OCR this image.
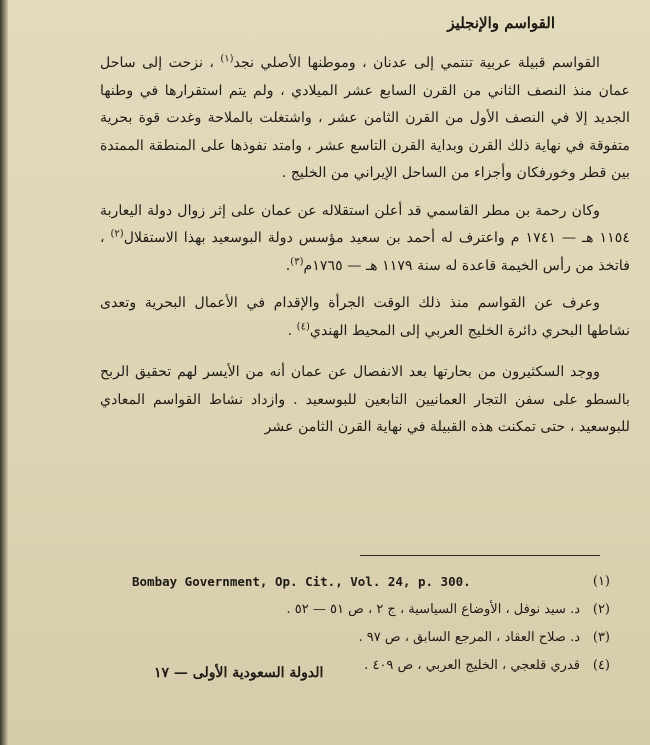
القواسم والإنجليز

القواسم قبيلة عربية تنتمي إلى عدنان ، وموطنها الأصلي نجد$^{(١)}$ ، نزحت إلى ساحل عمان منذ النصف الثاني من القرن السابع عشر الميلادي ، ولم يتم استقرارها في وطنها الجديد إلا في النصف الأول من القرن الثامن عشر ، واشتغلت بالملاحة وغدت قوة بحرية متفوقة في نهاية ذلك القرن وبداية القرن التاسع عشر ، وامتد نفوذها على المنطقة الممتدة بين قطر وخورفكان وأجزاء من الساحل الإيراني من الخليج .

وكان رحمة بن مطر القاسمي قد أعلن استقلاله عن عمان على إثر زوال دولة اليعاربة ١١٥٤ هـ — ١٧٤١ م واعترف له أحمد بن سعيد مؤسس دولة البوسعيد بهذا الاستقلال$^{(٢)}$ ، فاتخذ من رأس الخيمة قاعدة له سنة ١١٧٩ هـ — ١٧٦٥م$^{(٣)}$.

وعرف عن القواسم منذ ذلك الوقت الجرأة والإقدام في الأعمال البحرية وتعدى نشاطها البحري دائرة الخليج العربي إلى المحيط الهندي$^{(٤)}$ .

ووجد السكثيرون من بحارتها بعد الانفصال عن عمان أنه من الأيسر لهم تحقيق الربح بالسطو على سفن التجار العمانيين التابعين للبوسعيد . وازداد نشاط القواسم المعادي للبوسعيد ، حتى تمكنت هذه القبيلة في نهاية القرن الثامن عشر

Bombay Government, Op. Cit., Vol. 24, p. 300.	(١)
د. سيد نوفل ، الأوضاع السياسية ، ج ٢ ، ص ٥١ — ٥٢ . (٢)
د. صلاح العقاد ، المرجع السابق ، ص ٩٧ . (٣)
قدري قلعجي ، الخليج العربي ، ص ٤٠٩ . (٤)
الدولة السعودية الأولى — ١٧
